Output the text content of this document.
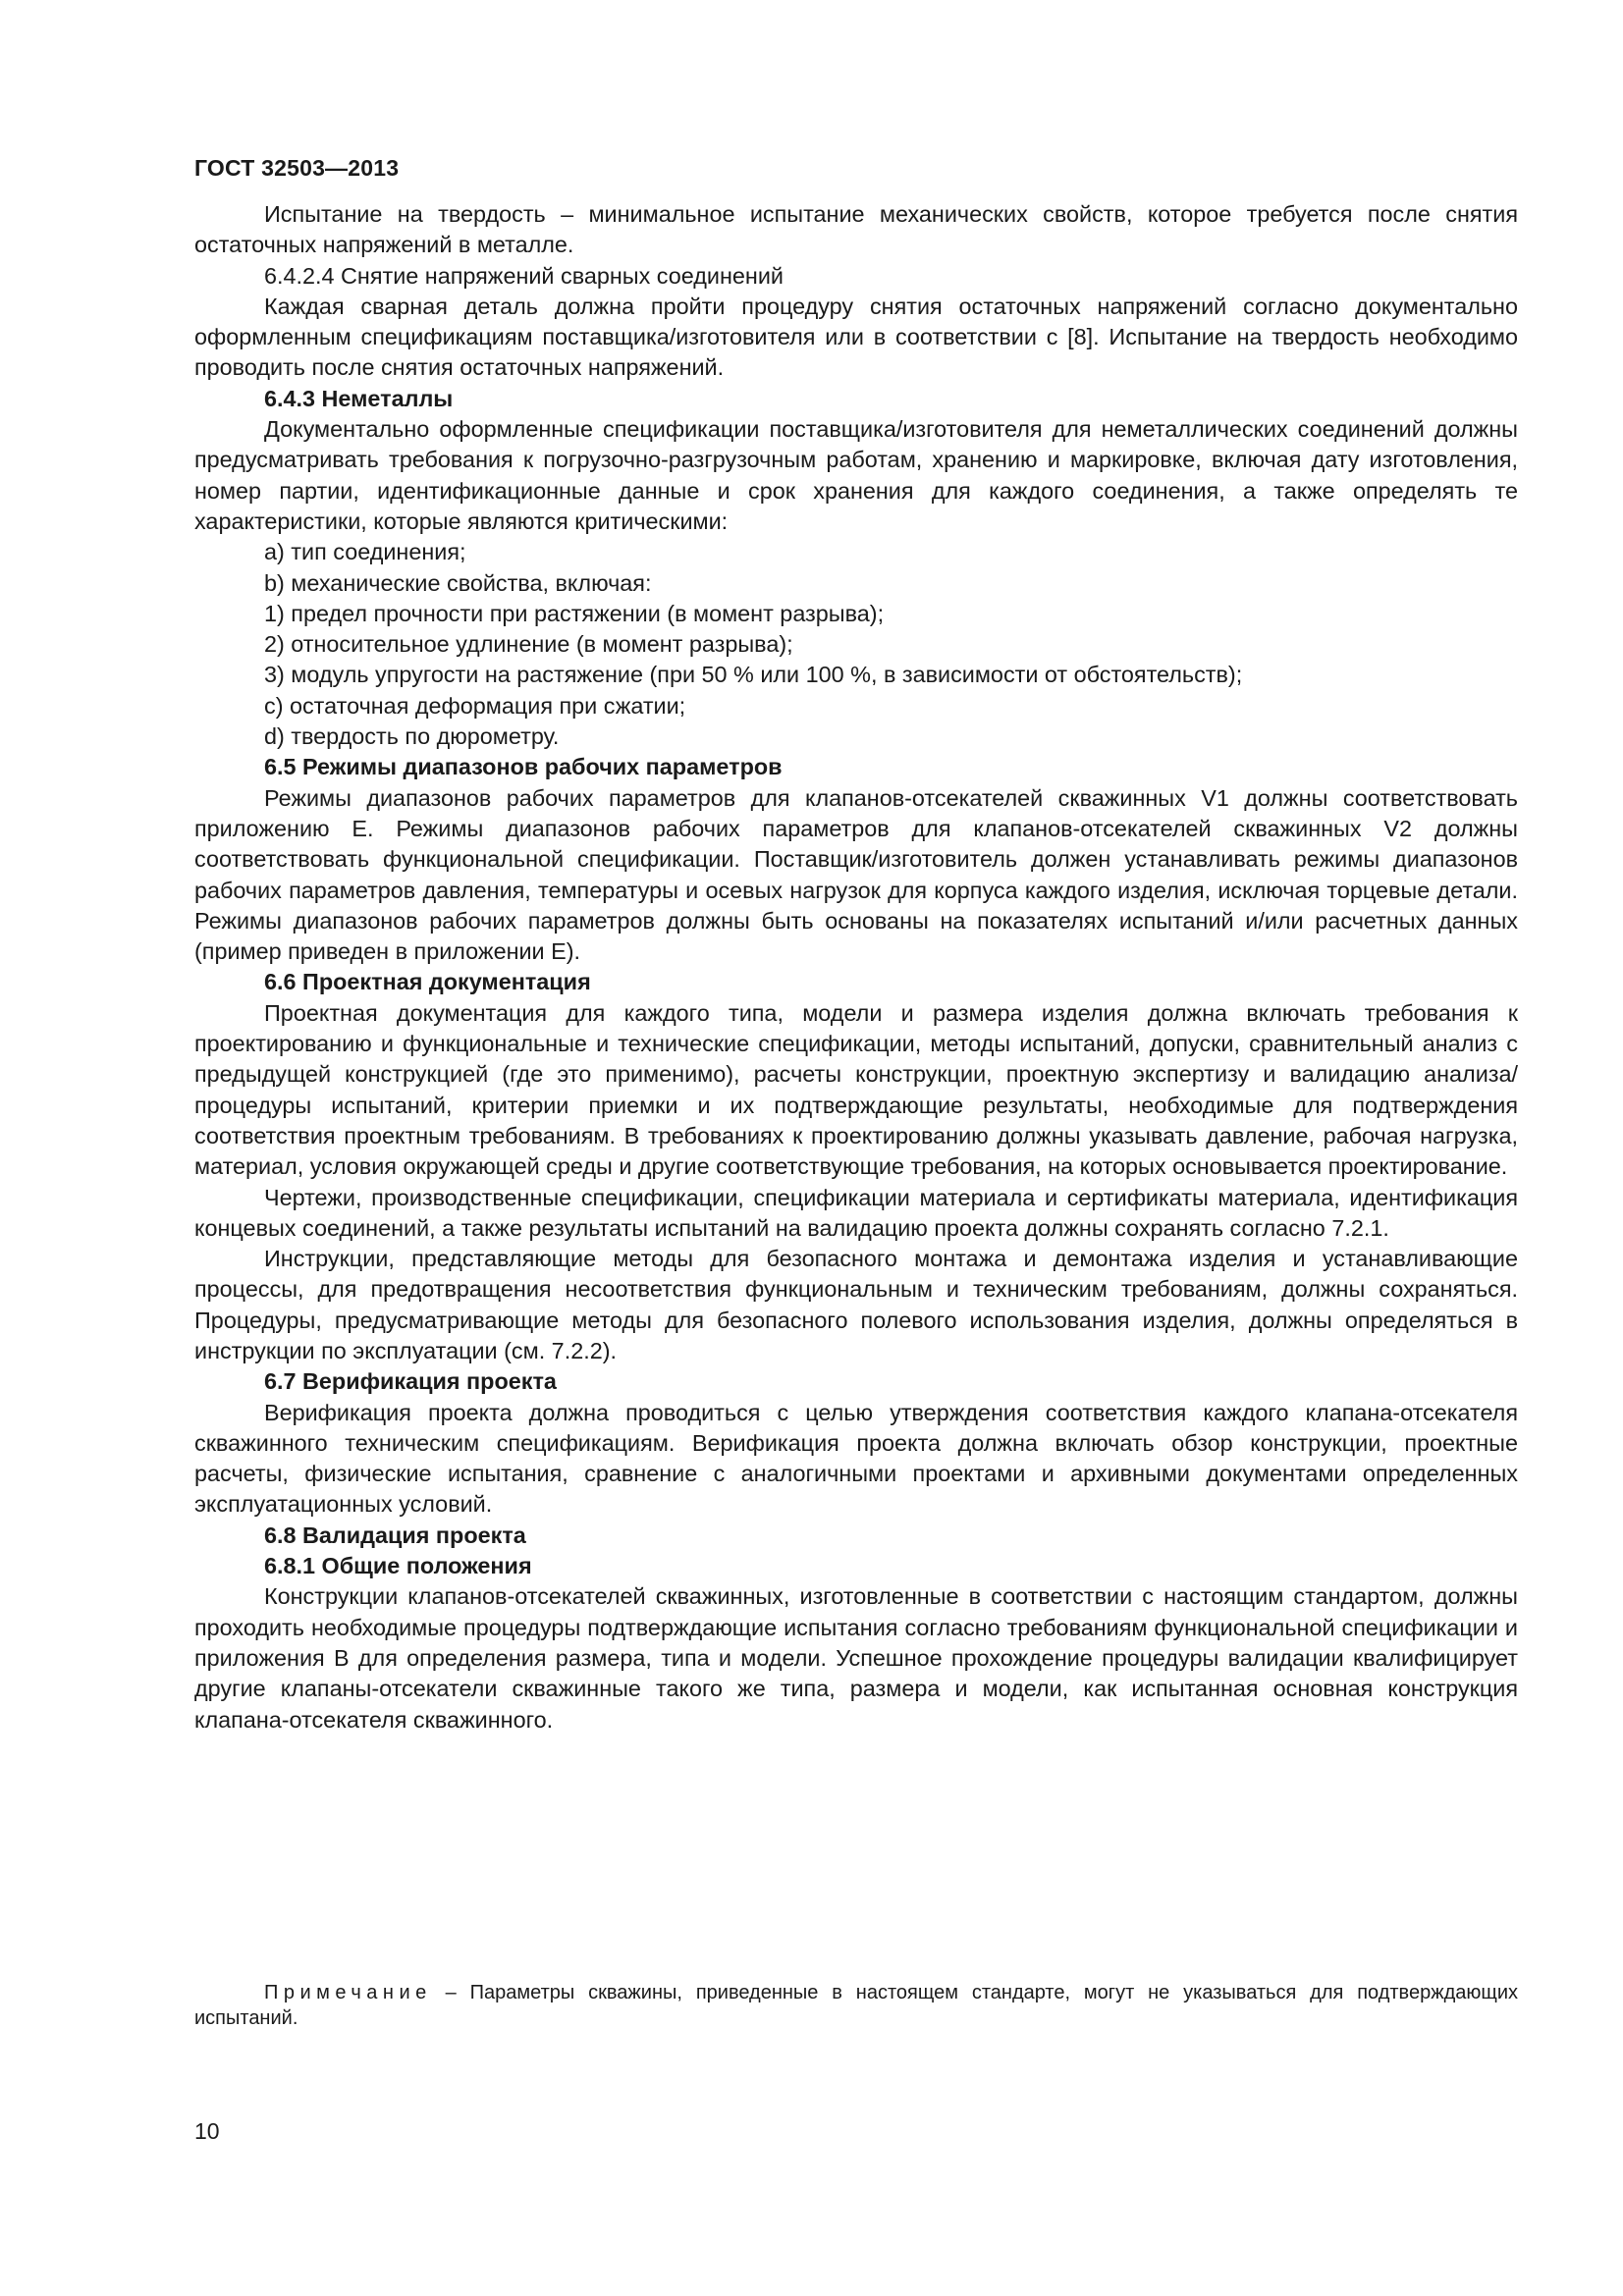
ГОСТ 32503—2013

Испытание на твердость – минимальное испытание механических свойств, которое требуется после снятия остаточных напряжений в металле.

6.4.2.4 Снятие напряжений сварных соединений

Каждая сварная деталь должна пройти процедуру снятия остаточных напряжений согласно документально оформленным спецификациям поставщика/изготовителя или в соответствии с [8]. Испытание на твердость необходимо проводить после снятия остаточных напряжений.

6.4.3 Неметаллы

Документально оформленные спецификации поставщика/изготовителя для неметаллических соединений должны предусматривать требования к погрузочно-разгрузочным работам, хранению и маркировке, включая дату изготовления, номер партии, идентификационные данные и срок хранения для каждого соединения, а также определять те характеристики, которые являются критическими:

a) тип соединения;

b) механические свойства, включая:

1) предел прочности при растяжении (в момент разрыва);

2) относительное удлинение (в момент разрыва);

3) модуль упругости на растяжение (при 50 % или 100 %, в зависимости от обстоятельств);

c) остаточная деформация при сжатии;

d) твердость по дюрометру.

6.5 Режимы диапазонов рабочих параметров

Режимы диапазонов рабочих параметров для клапанов-отсекателей скважинных V1 должны соответствовать приложению Е. Режимы диапазонов рабочих параметров для клапанов-отсекателей скважинных V2 должны соответствовать функциональной спецификации. Поставщик/изготовитель должен устанавливать режимы диапазонов рабочих параметров давления, температуры и осевых нагрузок для корпуса каждого изделия, исключая торцевые детали. Режимы диапазонов рабочих параметров должны быть основаны на показателях испытаний и/или расчетных данных (пример приведен в приложении Е).

6.6 Проектная документация

Проектная документация для каждого типа, модели и размера изделия должна включать требования к проектированию и функциональные и технические спецификации, методы испытаний, допуски, сравнительный анализ с предыдущей конструкцией (где это применимо), расчеты конструкции, проектную экспертизу и валидацию анализа/процедуры испытаний, критерии приемки и их подтверждающие результаты, необходимые для подтверждения соответствия проектным требованиям. В требованиях к проектированию должны указывать давление, рабочая нагрузка, материал, условия окружающей среды и другие соответствующие требования, на которых основывается проектирование.

Чертежи, производственные спецификации, спецификации материала и сертификаты материала, идентификация концевых соединений, а также результаты испытаний на валидацию проекта должны сохранять согласно 7.2.1.

Инструкции, представляющие методы для безопасного монтажа и демонтажа изделия и устанавливающие процессы, для предотвращения несоответствия функциональным и техническим требованиям, должны сохраняться. Процедуры, предусматривающие методы для безопасного полевого использования изделия, должны определяться в инструкции по эксплуатации (см. 7.2.2).

6.7 Верификация проекта

Верификация проекта должна проводиться с целью утверждения соответствия каждого клапана-отсекателя скважинного техническим спецификациям. Верификация проекта должна включать обзор конструкции, проектные расчеты, физические испытания, сравнение с аналогичными проектами и архивными документами определенных эксплуатационных условий.

6.8 Валидация проекта

6.8.1 Общие положения

Конструкции клапанов-отсекателей скважинных, изготовленные в соответствии с настоящим стандартом, должны проходить необходимые процедуры подтверждающие испытания согласно требованиям функциональной спецификации и приложения В для определения размера, типа и модели. Успешное прохождение процедуры валидации квалифицирует другие клапаны-отсекатели скважинные такого же типа, размера и модели, как испытанная основная конструкция клапана-отсекателя скважинного.

Примечание – Параметры скважины, приведенные в настоящем стандарте, могут не указываться для подтверждающих испытаний.
10
